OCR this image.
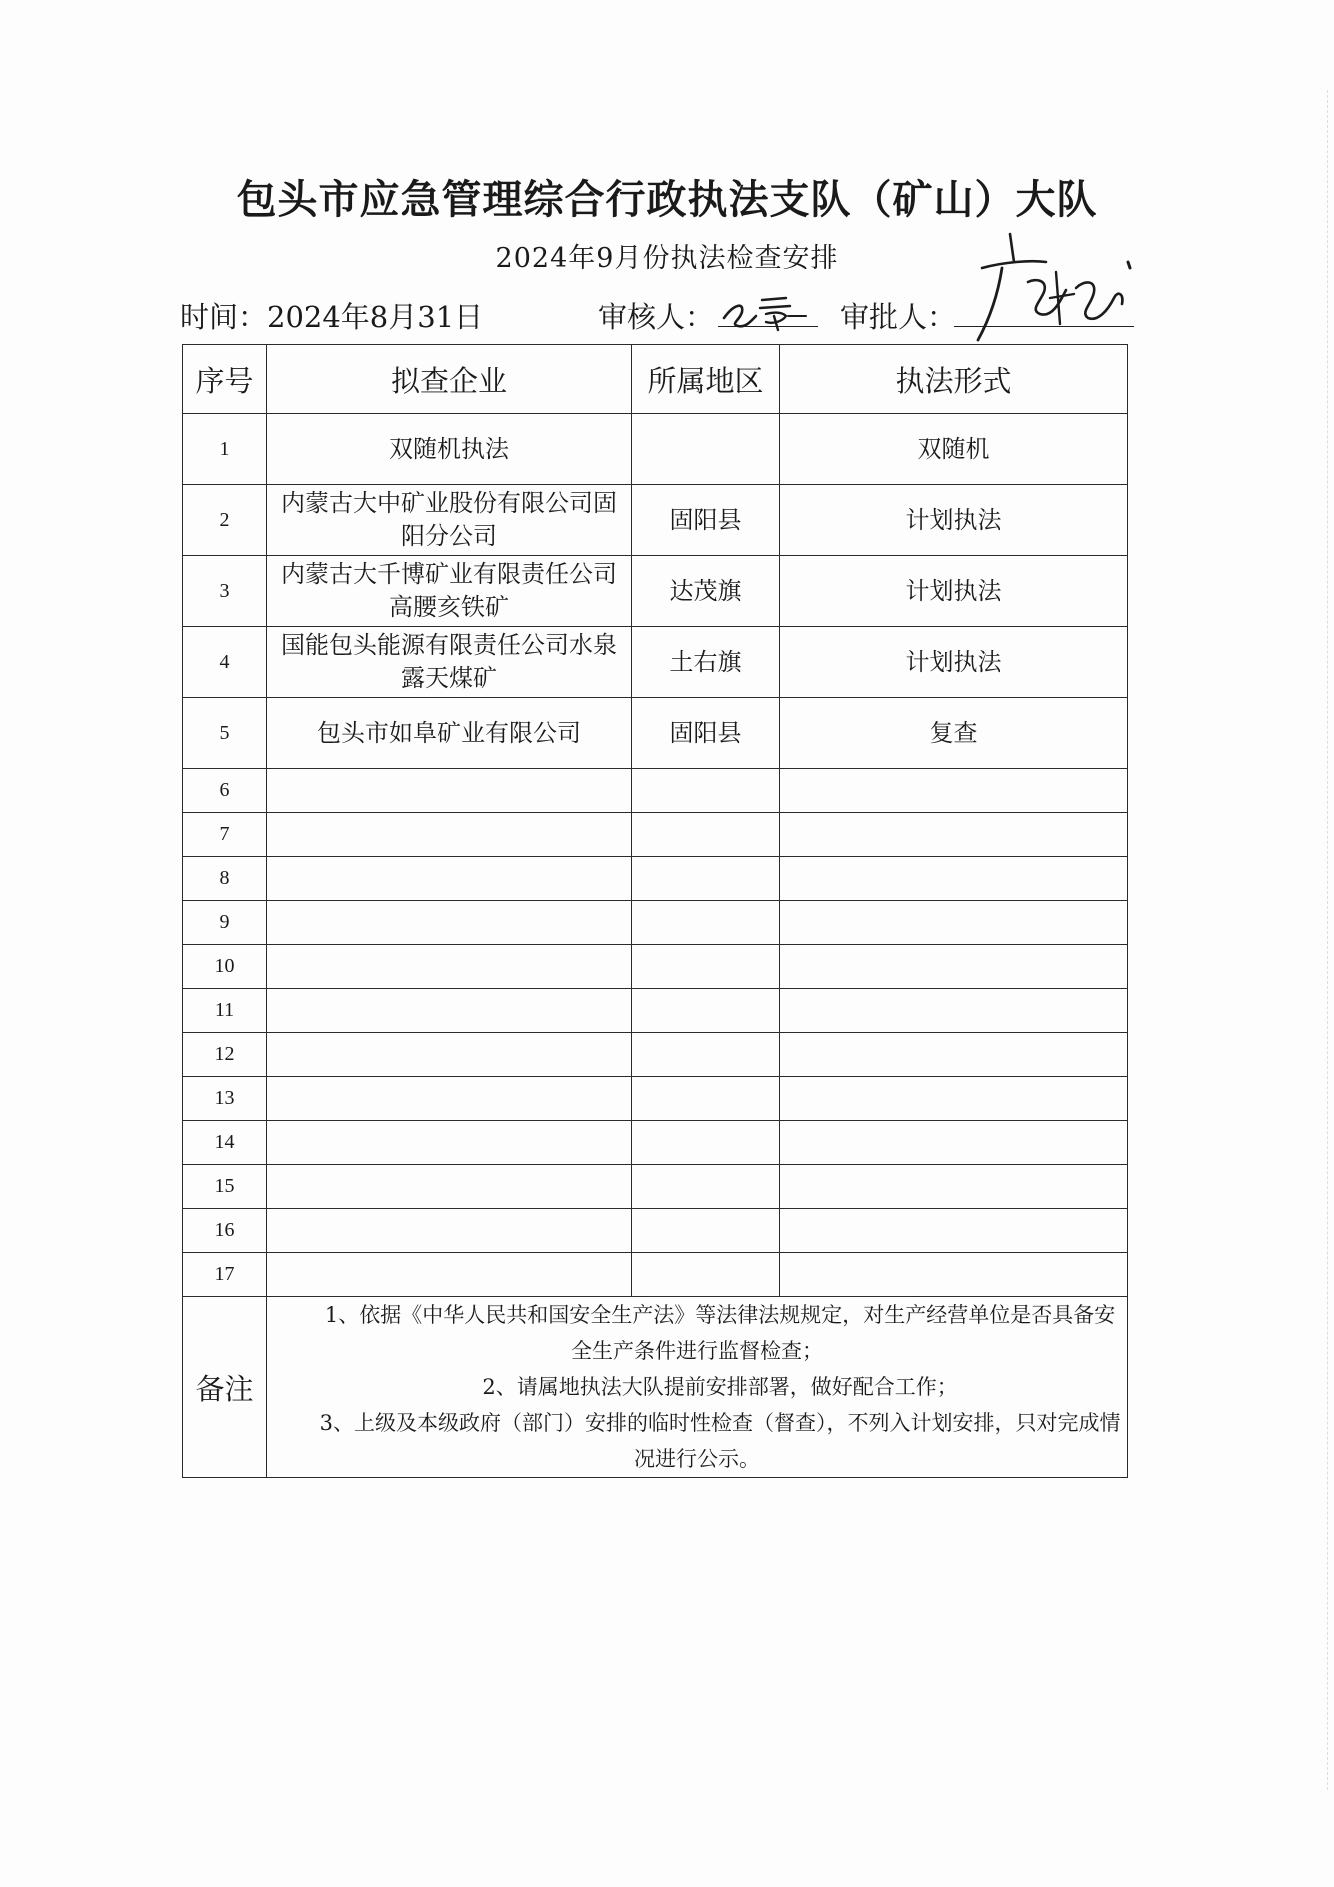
包头市应急管理综合行政执法支队（矿山）大队
2024年9月份执法检查安排
时间：2024年8月31日	审核人：	审批人：
序号	拟查企业	所属地区	执法形式
1	双随机执法		双随机
2	内蒙古大中矿业股份有限公司固阳分公司	固阳县	计划执法
3	内蒙古大千博矿业有限责任公司高腰亥铁矿	达茂旗	计划执法
4	国能包头能源有限责任公司水泉露天煤矿	土右旗	计划执法
5	包头市如阜矿业有限公司	固阳县	复查
6			
7			
8			
9			
10			
11			
12			
13			
14			
15			
16			
17			
备注	1、依据《中华人民共和国安全生产法》等法律法规规定，对生产经营单位是否具备安全生产条件进行监督检查；

2、请属地执法大队提前安排部署，做好配合工作；

3、上级及本级政府（部门）安排的临时性检查（督查），不列入计划安排，只对完成情况进行公示。		
